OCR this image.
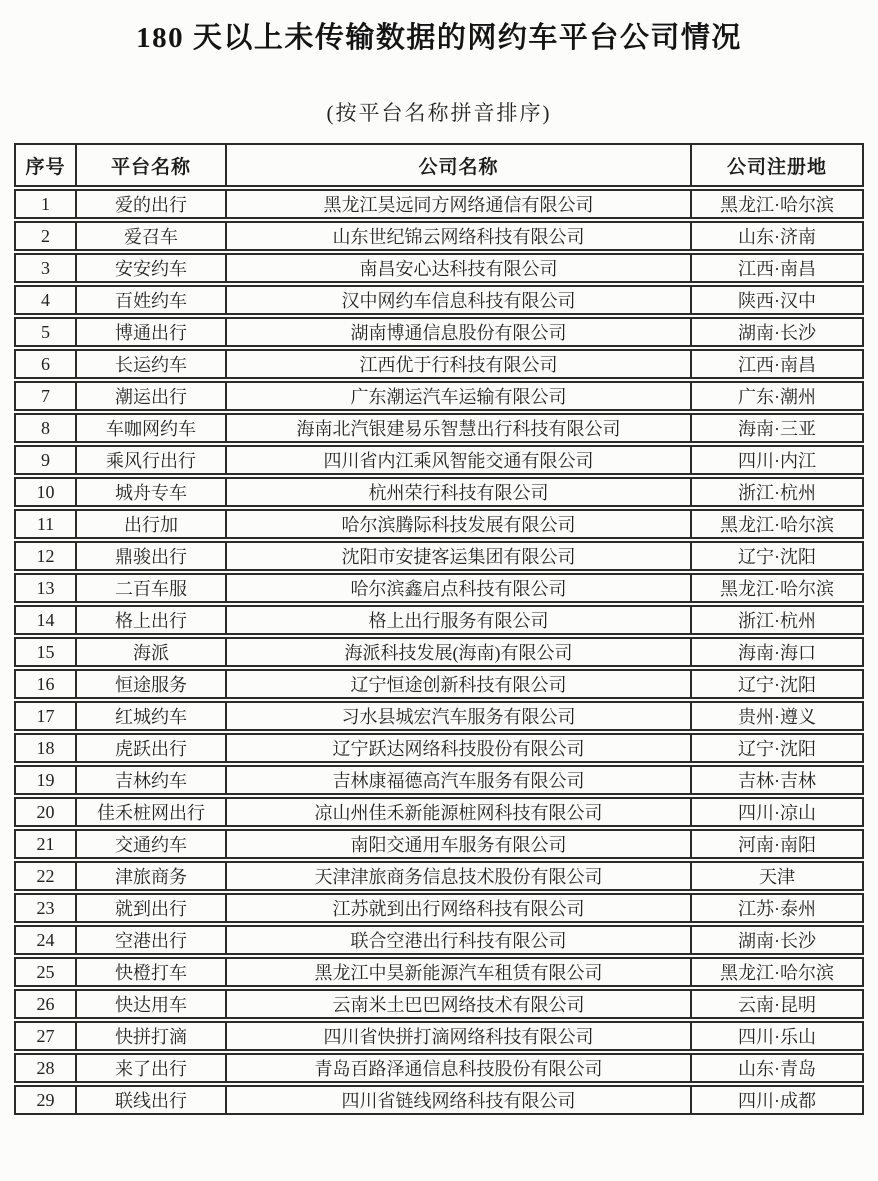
180 天以上未传输数据的网约车平台公司情况
(按平台名称拼音排序)
序号	平台名称	公司名称	公司注册地
1	爱的出行	黑龙江昊远同方网络通信有限公司	黑龙江·哈尔滨
2	爱召车	山东世纪锦云网络科技有限公司	山东·济南
3	安安约车	南昌安心达科技有限公司	江西·南昌
4	百姓约车	汉中网约车信息科技有限公司	陕西·汉中
5	博通出行	湖南博通信息股份有限公司	湖南·长沙
6	长运约车	江西优于行科技有限公司	江西·南昌
7	潮运出行	广东潮运汽车运输有限公司	广东·潮州
8	车咖网约车	海南北汽银建易乐智慧出行科技有限公司	海南·三亚
9	乘风行出行	四川省内江乘风智能交通有限公司	四川·内江
10	城舟专车	杭州荣行科技有限公司	浙江·杭州
11	出行加	哈尔滨腾际科技发展有限公司	黑龙江·哈尔滨
12	鼎骏出行	沈阳市安捷客运集团有限公司	辽宁·沈阳
13	二百车服	哈尔滨鑫启点科技有限公司	黑龙江·哈尔滨
14	格上出行	格上出行服务有限公司	浙江·杭州
15	海派	海派科技发展(海南)有限公司	海南·海口
16	恒途服务	辽宁恒途创新科技有限公司	辽宁·沈阳
17	红城约车	习水县城宏汽车服务有限公司	贵州·遵义
18	虎跃出行	辽宁跃达网络科技股份有限公司	辽宁·沈阳
19	吉林约车	吉林康福德高汽车服务有限公司	吉林·吉林
20	佳禾桩网出行	凉山州佳禾新能源桩网科技有限公司	四川·凉山
21	交通约车	南阳交通用车服务有限公司	河南·南阳
22	津旅商务	天津津旅商务信息技术股份有限公司	天津
23	就到出行	江苏就到出行网络科技有限公司	江苏·泰州
24	空港出行	联合空港出行科技有限公司	湖南·长沙
25	快橙打车	黑龙江中昊新能源汽车租赁有限公司	黑龙江·哈尔滨
26	快达用车	云南米土巴巴网络技术有限公司	云南·昆明
27	快拼打滴	四川省快拼打滴网络科技有限公司	四川·乐山
28	来了出行	青岛百路泽通信息科技股份有限公司	山东·青岛
29	联线出行	四川省链线网络科技有限公司	四川·成都
